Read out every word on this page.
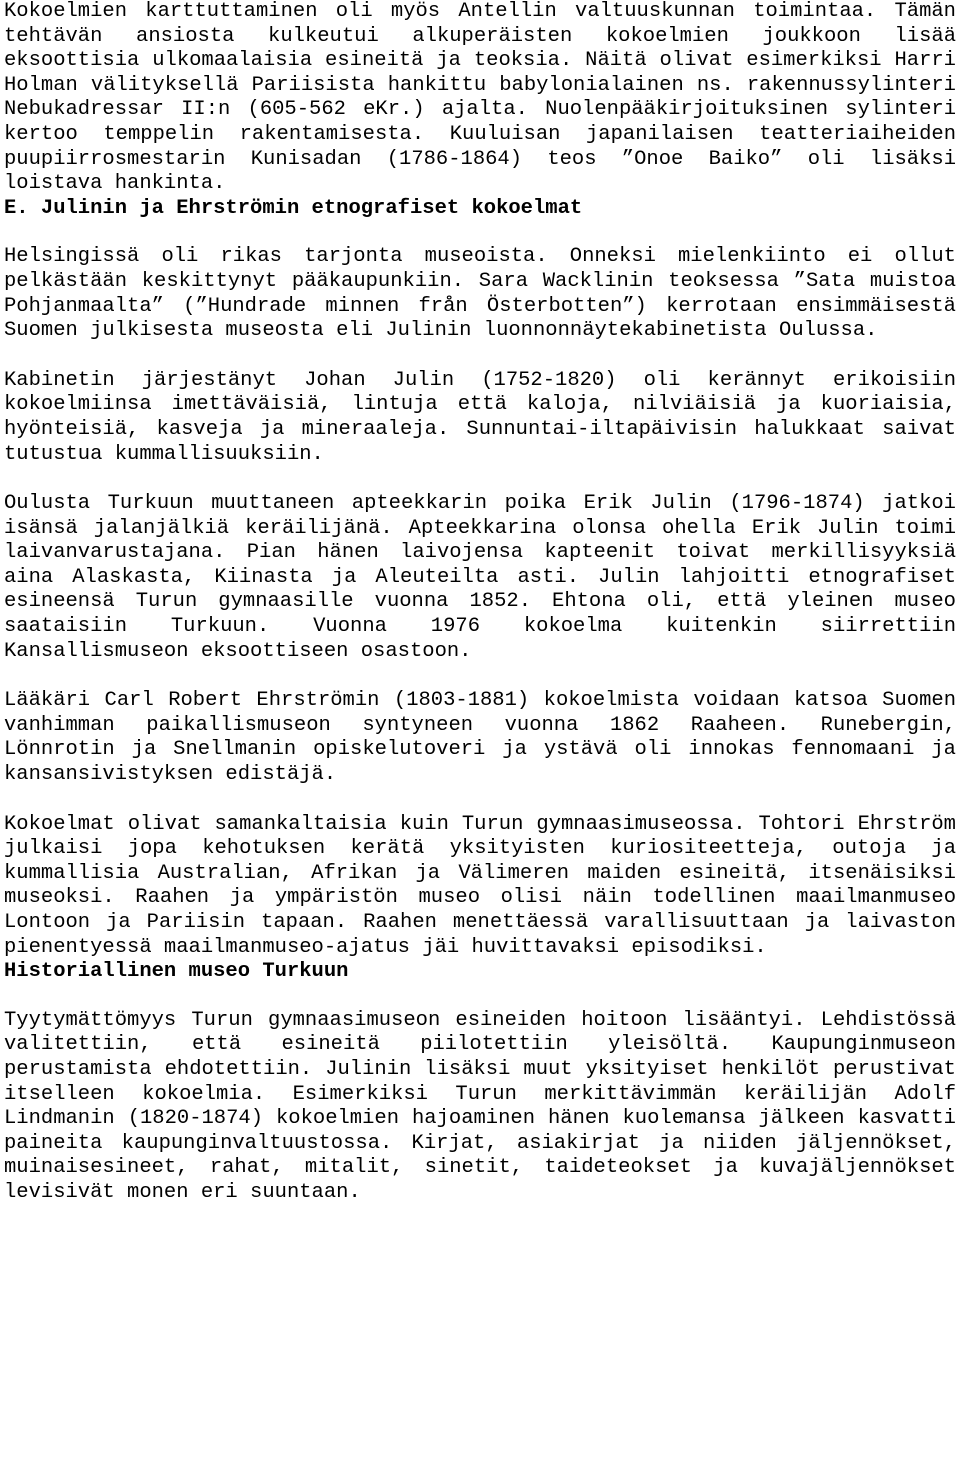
Kokoelmien karttuttaminen oli myös Antellin valtuuskunnan toimintaa. Tämän tehtävän ansiosta kulkeutui alkuperäisten kokoelmien joukkoon lisää eksoottisia ulkomaalaisia esineitä ja teoksia. Näitä olivat esimerkiksi Harri Holman välityksellä Pariisista hankittu babylonialainen ns. rakennussylinteri Nebukadressar II:n (605-562 eKr.) ajalta. Nuolenpääkirjoituksinen sylinteri kertoo temppelin rakentamisesta. Kuuluisan japanilaisen teatteriaiheiden puupiirrosmestarin Kunisadan (1786-1864) teos ”Onoe Baiko” oli lisäksi loistava hankinta.

E. Julinin ja Ehrströmin etnografiset kokoelmat

Helsingissä oli rikas tarjonta museoista. Onneksi mielenkiinto ei ollut pelkästään keskittynyt pääkaupunkiin. Sara Wacklinin teoksessa ”Sata muistoa Pohjanmaalta” (”Hundrade minnen från Österbotten”) kerrotaan ensimmäisestä Suomen julkisesta museosta eli Julinin luonnonnäytekabinetista Oulussa.

Kabinetin järjestänyt Johan Julin (1752-1820) oli kerännyt erikoisiin kokoelmiinsa imettäväisiä, lintuja että kaloja, nilviäisiä ja kuoriaisia, hyönteisiä, kasveja ja mineraaleja. Sunnuntai-iltapäivisin halukkaat saivat tutustua kummallisuuksiin.

Oulusta Turkuun muuttaneen apteekkarin poika Erik Julin (1796-1874) jatkoi isänsä jalanjälkiä keräilijänä. Apteekkarina olonsa ohella Erik Julin toimi laivanvarustajana. Pian hänen laivojensa kapteenit toivat merkillisyyksiä aina Alaskasta, Kiinasta ja Aleuteilta asti. Julin lahjoitti etnografiset esineensä Turun gymnaasille vuonna 1852. Ehtona oli, että yleinen museo saataisiin Turkuun. Vuonna 1976 kokoelma kuitenkin siirrettiin Kansallismuseon eksoottiseen osastoon.

Lääkäri Carl Robert Ehrströmin (1803-1881) kokoelmista voidaan katsoa Suomen vanhimman paikallismuseon syntyneen vuonna 1862 Raaheen. Runebergin, Lönnrotin ja Snellmanin opiskelutoveri ja ystävä oli innokas fennomaani ja kansansivistyksen edistäjä.

Kokoelmat olivat samankaltaisia kuin Turun gymnaasimuseossa. Tohtori Ehrström julkaisi jopa kehotuksen kerätä yksityisten kuriositeetteja, outoja ja kummallisia Australian, Afrikan ja Välimeren maiden esineitä, itsenäisiksi museoksi. Raahen ja ympäristön museo olisi näin todellinen maailmanmuseo Lontoon ja Pariisin tapaan. Raahen menettäessä varallisuuttaan ja laivaston pienentyessä maailmanmuseo-ajatus jäi huvittavaksi episodiksi.

Historiallinen museo Turkuun

Tyytymättömyys Turun gymnaasimuseon esineiden hoitoon lisääntyi. Lehdistössä valitettiin, että esineitä piilotettiin yleisöltä. Kaupunginmuseon perustamista ehdotettiin. Julinin lisäksi muut yksityiset henkilöt perustivat itselleen kokoelmia. Esimerkiksi Turun merkittävimmän keräilijän Adolf Lindmanin (1820-1874) kokoelmien hajoaminen hänen kuolemansa jälkeen kasvatti paineita kaupunginvaltuustossa. Kirjat, asiakirjat ja niiden jäljennökset, muinaisesineet, rahat, mitalit, sinetit, taideteokset ja kuvajäljennökset levisivät monen eri suuntaan.
